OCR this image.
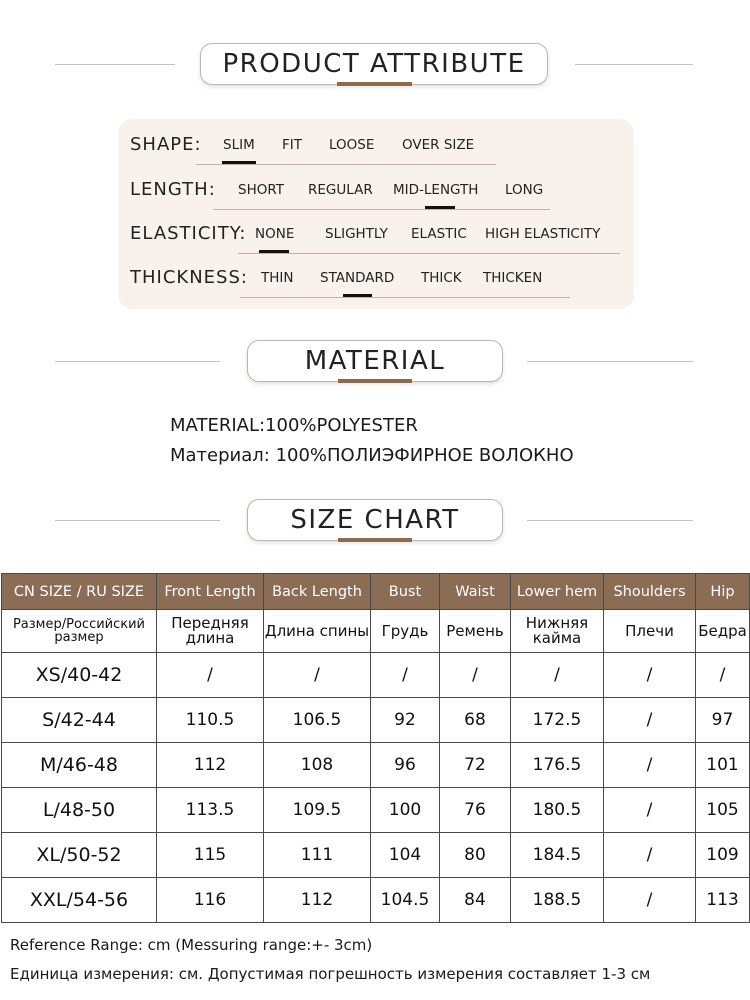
PRODUCT ATTRIBUTE
SHAPE: SLIM FIT LOOSE OVER SIZE
LENGTH: SHORT REGULAR MID-LENGTH LONG
ELASTICITY: NONE SLIGHTLY ELASTIC HIGH ELASTICITY
THICKNESS: THIN STANDARD THICK THICKEN
MATERIAL
MATERIAL:100%POLYESTER
Материал: 100%ПОЛИЭФИРНОЕ ВОЛОКНО
SIZE CHART
CN SIZE / RU SIZE	Front Length	Back Length	Bust	Waist	Lower hem	Shoulders	Hip
Размер/Российский размер	Передняя длина	Длина спины	Грудь	Ремень	Нижняя кайма	Плечи	Бедра
XS/40-42	/	/	/	/	/	/	/
S/42-44	110.5	106.5	92	68	172.5	/	97
M/46-48	112	108	96	72	176.5	/	101
L/48-50	113.5	109.5	100	76	180.5	/	105
XL/50-52	115	111	104	80	184.5	/	109
XXL/54-56	116	112	104.5	84	188.5	/	113
Reference Range: cm (Messuring range:+- 3cm)
Единица измерения: см. Допустимая погрешность измерения составляет 1-3 см
